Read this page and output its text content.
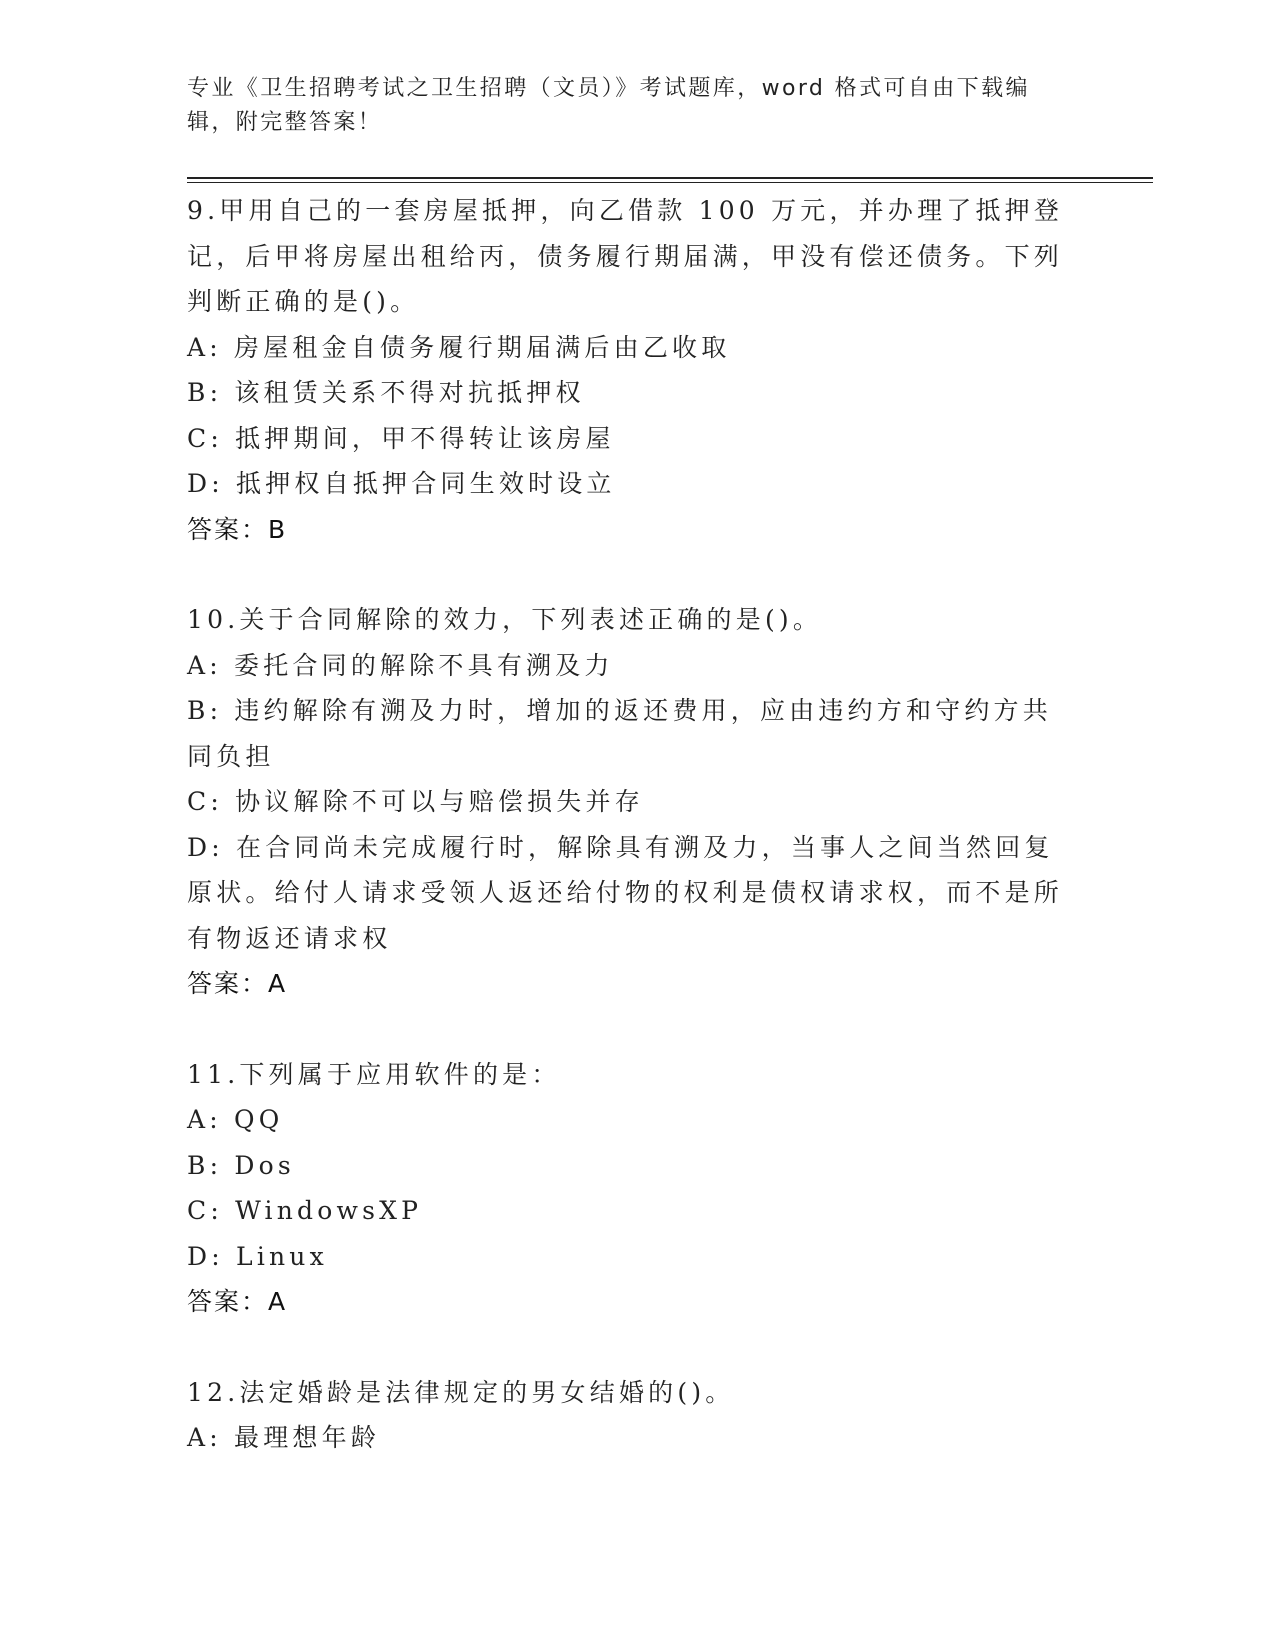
专业《卫生招聘考试之卫生招聘（文员）》考试题库，word 格式可自由下载编辑，附完整答案！
9.甲用自己的一套房屋抵押，向乙借款 100 万元，并办理了抵押登记，后甲将房屋出租给丙，债务履行期届满，甲没有偿还债务。下列判断正确的是()。
A: 房屋租金自债务履行期届满后由乙收取
B: 该租赁关系不得对抗抵押权
C: 抵押期间，甲不得转让该房屋
D: 抵押权自抵押合同生效时设立
答案：B
10.关于合同解除的效力，下列表述正确的是()。
A: 委托合同的解除不具有溯及力
B: 违约解除有溯及力时，增加的返还费用，应由违约方和守约方共同负担
C: 协议解除不可以与赔偿损失并存
D: 在合同尚未完成履行时，解除具有溯及力，当事人之间当然回复原状。给付人请求受领人返还给付物的权利是债权请求权，而不是所有物返还请求权
答案：A
11.下列属于应用软件的是：
A: QQ
B: Dos
C: WindowsXP
D: Linux
答案：A
12.法定婚龄是法律规定的男女结婚的()。
A: 最理想年龄
